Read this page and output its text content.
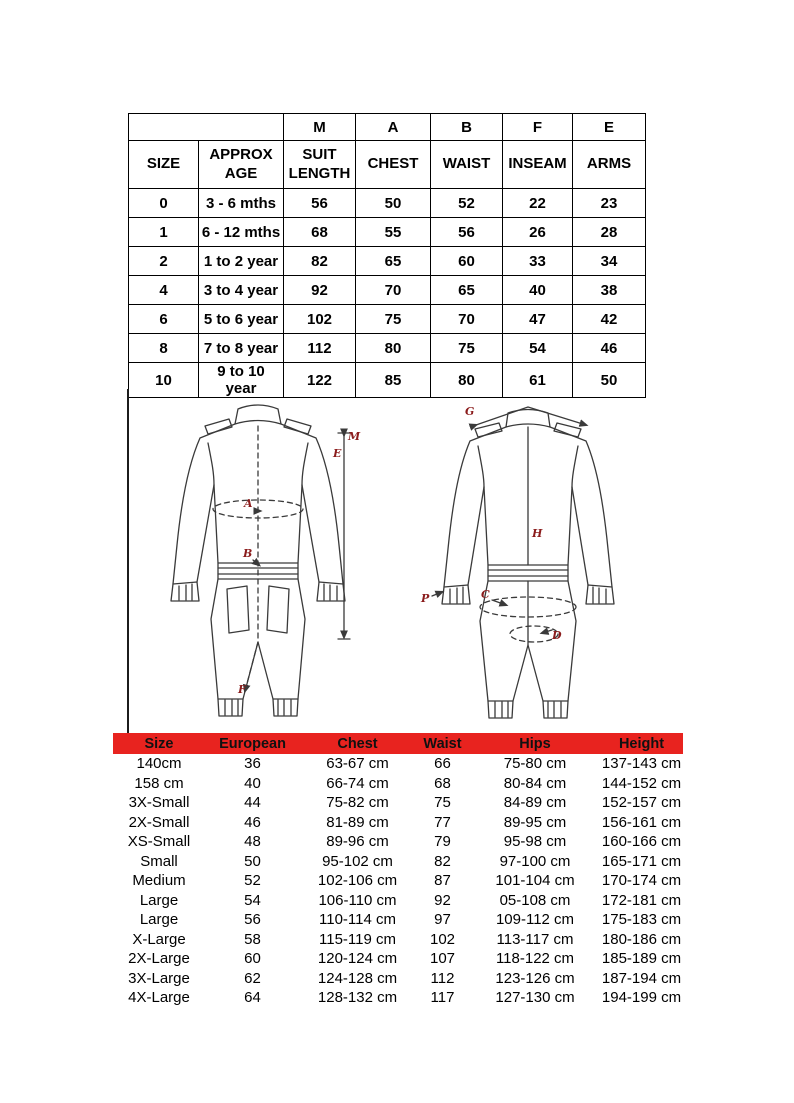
		M	A	B	F	E
SIZE	APPROX AGE	SUIT LENGTH	CHEST	WAIST	INSEAM	ARMS
0	3 - 6 mths	56	50	52	22	23
1	6 - 12 mths	68	55	56	26	28
2	1 to 2 year	82	65	60	33	34
4	3 to 4 year	92	70	65	40	38
6	5 to 6 year	102	75	70	47	42
8	7 to 8 year	112	80	75	54	46
10	9 to 10 year	122	85	80	61	50
A
B
F
M
E
G
H
P	C
D
Size	European	Chest	Waist	Hips	Height
140cm	36	63-67 cm	66	75-80 cm	137-143 cm
158 cm	40	66-74 cm	68	80-84 cm	144-152 cm
3X-Small	44	75-82 cm	75	84-89 cm	152-157 cm
2X-Small	46	81-89 cm	77	89-95 cm	156-161 cm
XS-Small	48	89-96 cm	79	95-98 cm	160-166 cm
Small	50	95-102 cm	82	97-100 cm	165-171 cm
Medium	52	102-106 cm	87	101-104 cm	170-174 cm
Large	54	106-110 cm	92	05-108 cm	172-181 cm
Large	56	110-114 cm	97	109-112 cm	175-183 cm
X-Large	58	115-119 cm	102	113-117 cm	180-186 cm
2X-Large	60	120-124 cm	107	118-122 cm	185-189 cm
3X-Large	62	124-128 cm	112	123-126 cm	187-194 cm
4X-Large	64	128-132 cm	117	127-130 cm	194-199 cm
